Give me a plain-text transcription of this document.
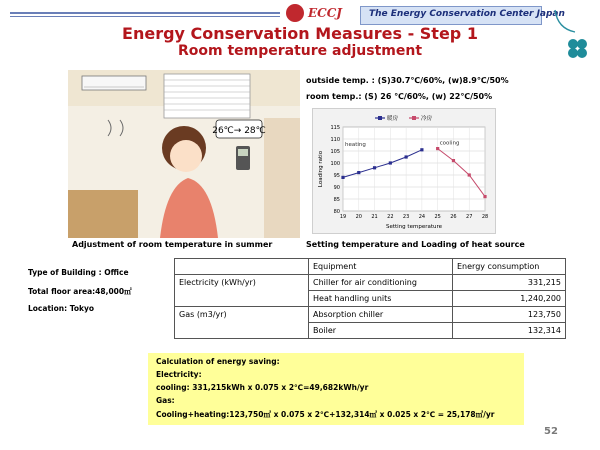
ECCJ	The Energy Conservation Center Japan
Energy Conservation Measures - Step 1
Room temperature adjustment
26℃→ 28℃
Adjustment of room temperature in summer
outside temp. : (S)30.7℃/60%, (w)8.9℃/50%
room temp.: (S) 26 ℃/60%, (w) 22℃/50%
80
85
90
95
100
105
110
115
19 20 21 22 23 24 25 26 27 28
Setting temperature
Loading ratio
暖房	冷房
heating	cooling
Setting temperature and Loading of heat source
Type of Building : Office
Total floor area:48,000㎡
Location: Tokyo
	Equipment	Energy consumption
Electricity (kWh/yr)	Chiller for air conditioning	331,215
	Heat handling units	1,240,200
Gas (m3/yr)	Absorption chiller	123,750
	Boiler	132,314
Calculation of energy saving:
Electricity:
cooling: 331,215kWh x 0.075 x 2℃=49,682kWh/yr
Gas:
Cooling+heating:123,750㎥ x 0.075 x 2℃+132,314㎥ x 0.025 x 2℃ = 25,178㎥/yr
52
